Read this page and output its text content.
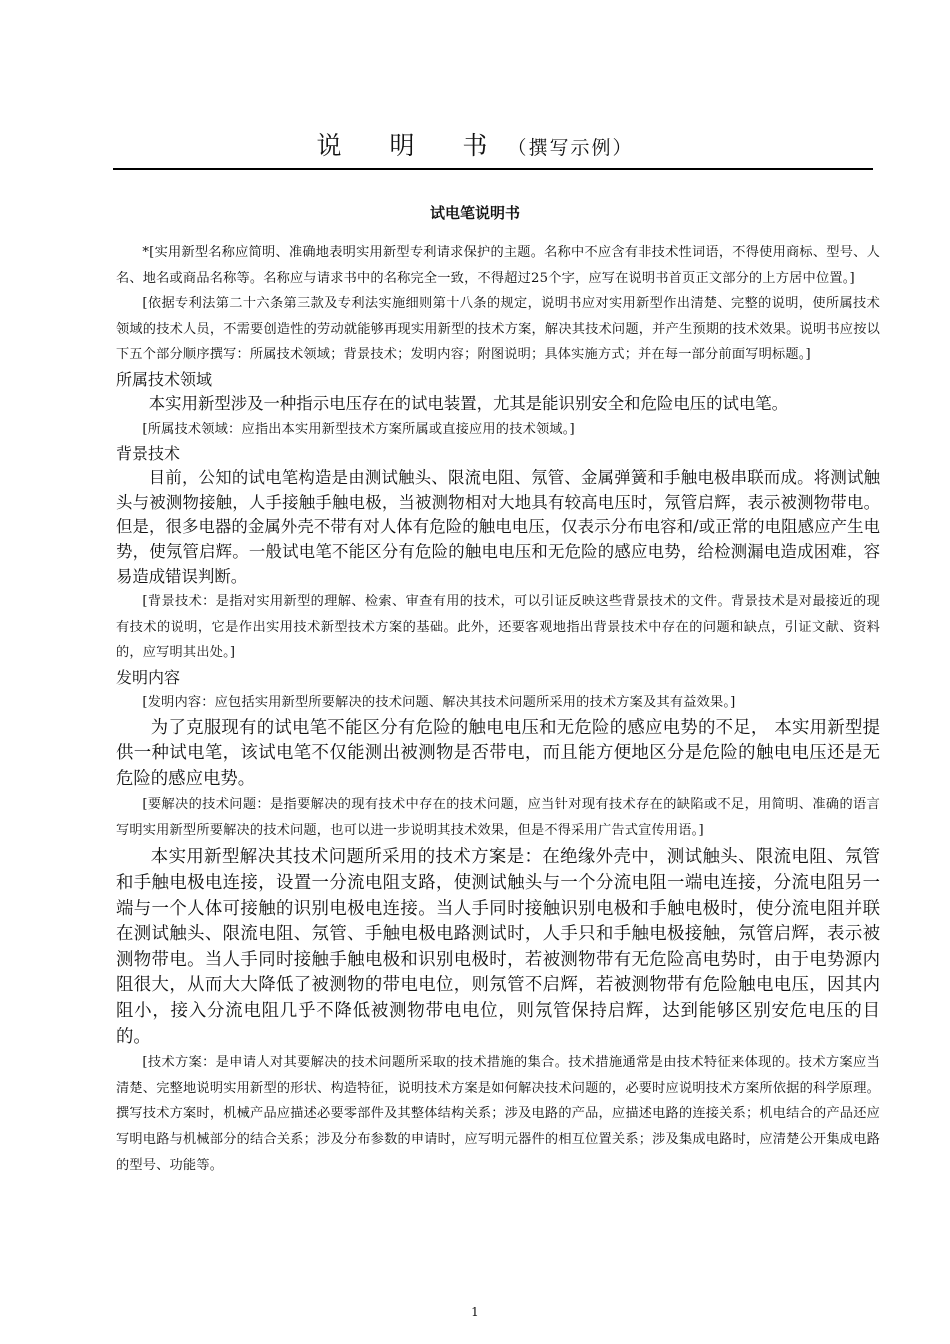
说 明 书（撰写示例）
试电笔说明书

*[实用新型名称应简明、准确地表明实用新型专利请求保护的主题。名称中不应含有非技术性词语，不得使用商标、型号、人名、地名或商品名称等。名称应与请求书中的名称完全一致，不得超过25个字，应写在说明书首页正文部分的上方居中位置。]

[依据专利法第二十六条第三款及专利法实施细则第十八条的规定，说明书应对实用新型作出清楚、完整的说明，使所属技术领域的技术人员，不需要创造性的劳动就能够再现实用新型的技术方案，解决其技术问题，并产生预期的技术效果。说明书应按以下五个部分顺序撰写：所属技术领域；背景技术；发明内容；附图说明；具体实施方式；并在每一部分前面写明标题。]

所属技术领域

本实用新型涉及一种指示电压存在的试电装置，尤其是能识别安全和危险电压的试电笔。

[所属技术领域：应指出本实用新型技术方案所属或直接应用的技术领域。]

背景技术

目前，公知的试电笔构造是由测试触头、限流电阻、氖管、金属弹簧和手触电极串联而成。将测试触头与被测物接触，人手接触手触电极，当被测物相对大地具有较高电压时，氖管启辉，表示被测物带电。但是，很多电器的金属外壳不带有对人体有危险的触电电压，仅表示分布电容和/或正常的电阻感应产生电势，使氖管启辉。一般试电笔不能区分有危险的触电电压和无危险的感应电势，给检测漏电造成困难，容易造成错误判断。

[背景技术：是指对实用新型的理解、检索、审查有用的技术，可以引证反映这些背景技术的文件。背景技术是对最接近的现有技术的说明，它是作出实用技术新型技术方案的基础。此外，还要客观地指出背景技术中存在的问题和缺点，引证文献、资料的，应写明其出处。]

发明内容

[发明内容：应包括实用新型所要解决的技术问题、解决其技术问题所采用的技术方案及其有益效果。]

为了克服现有的试电笔不能区分有危险的触电电压和无危险的感应电势的不足， 本实用新型提供一种试电笔，该试电笔不仅能测出被测物是否带电，而且能方便地区分是危险的触电电压还是无危险的感应电势。

[要解决的技术问题：是指要解决的现有技术中存在的技术问题，应当针对现有技术存在的缺陷或不足，用简明、准确的语言写明实用新型所要解决的技术问题，也可以进一步说明其技术效果，但是不得采用广告式宣传用语。]

本实用新型解决其技术问题所采用的技术方案是：在绝缘外壳中，测试触头、限流电阻、氖管和手触电极电连接，设置一分流电阻支路，使测试触头与一个分流电阻一端电连接，分流电阻另一端与一个人体可接触的识别电极电连接。当人手同时接触识别电极和手触电极时，使分流电阻并联在测试触头、限流电阻、氖管、手触电极电路测试时，人手只和手触电极接触，氖管启辉，表示被测物带电。当人手同时接触手触电极和识别电极时，若被测物带有无危险高电势时，由于电势源内阻很大，从而大大降低了被测物的带电电位，则氖管不启辉，若被测物带有危险触电电压，因其内阻小，接入分流电阻几乎不降低被测物带电电位，则氖管保持启辉，达到能够区别安危电压的目的。

[技术方案：是申请人对其要解决的技术问题所采取的技术措施的集合。技术措施通常是由技术特征来体现的。技术方案应当清楚、完整地说明实用新型的形状、构造特征，说明技术方案是如何解决技术问题的，必要时应说明技术方案所依据的科学原理。撰写技术方案时，机械产品应描述必要零部件及其整体结构关系；涉及电路的产品，应描述电路的连接关系；机电结合的产品还应写明电路与机械部分的结合关系；涉及分布参数的申请时，应写明元器件的相互位置关系；涉及集成电路时，应清楚公开集成电路的型号、功能等。

1
